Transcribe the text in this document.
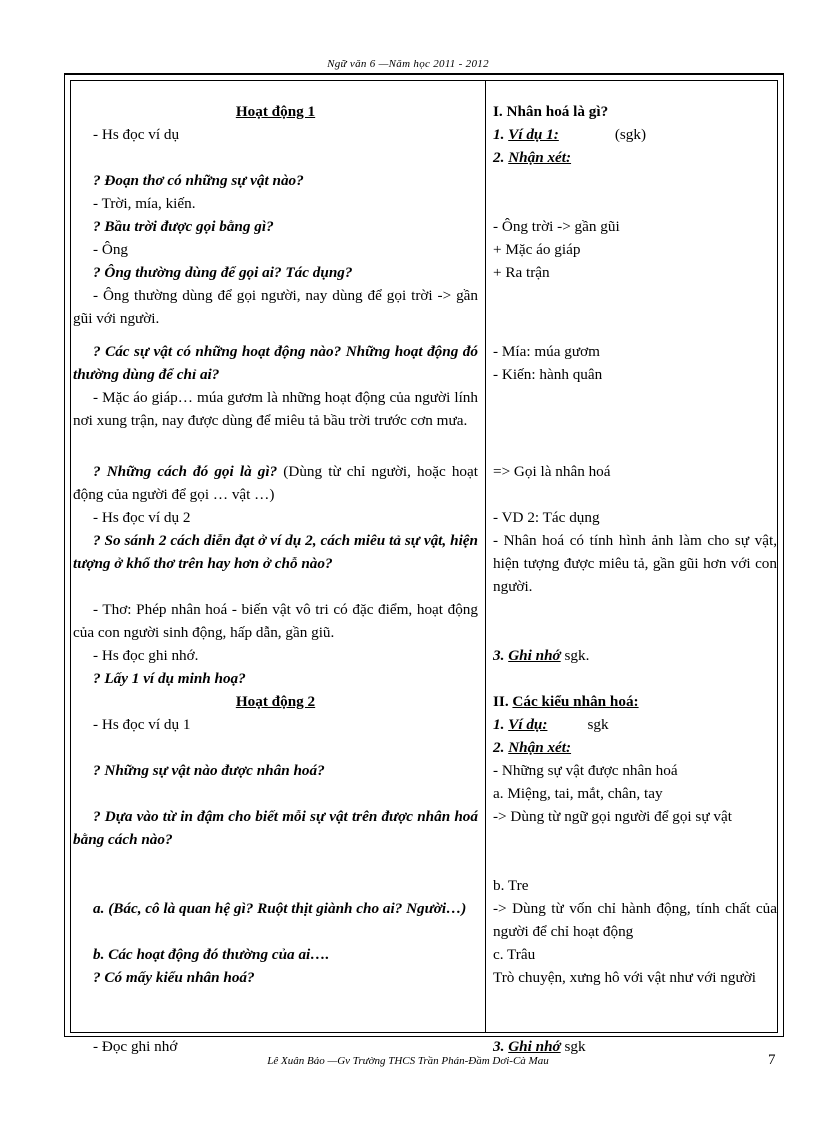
Ngữ văn 6 —Năm học 2011 - 2012
Hoạt động 1
- Hs đọc ví dụ
? Đoạn thơ có những sự vật nào?
- Trời, mía, kiến.
? Bầu trời được gọi bằng gì?
- Ông
? Ông thường dùng để gọi ai? Tác dụng?
- Ông thường dùng để gọi người, nay dùng để gọi trời -> gần gũi với người.
? Các sự vật có những hoạt động nào? Những hoạt động đó thường dùng để chỉ ai?
- Mặc áo giáp… múa gươm là những hoạt động của người lính nơi xung trận, nay được dùng để miêu tả bầu trời trước cơn mưa.
? Những cách đó gọi là gì? (Dùng từ chỉ người, hoặc hoạt động của người để gọi … vật …)
- Hs đọc ví dụ 2
? So sánh 2 cách diễn đạt ở ví dụ 2, cách miêu tả sự vật, hiện tượng ở khổ thơ trên hay hơn ở chỗ nào?
- Thơ: Phép nhân hoá - biến vật vô tri có đặc điểm, hoạt động của con người sinh động, hấp dẫn, gần giũ.
- Hs đọc ghi nhớ.
? Lấy 1 ví dụ minh hoạ?
Hoạt động 2
- Hs đọc ví dụ 1
? Những sự vật nào được nhân hoá?
? Dựa vào từ in đậm cho biết mỗi sự vật trên được nhân hoá bằng cách nào?
a. (Bác, cô là quan hệ gì? Ruột thịt giành cho ai? Người…)
b. Các hoạt động đó thường của ai….
? Có mấy kiểu nhân hoá?
- Đọc ghi nhớ
I. Nhân hoá là gì?
1. Ví dụ 1:	(sgk)
2. Nhận xét:
- Ông trời -> gần gũi
+ Mặc áo giáp
+ Ra trận
- Mía: múa gươm
- Kiến: hành quân
=> Gọi là nhân hoá
- VD 2: Tác dụng
- Nhân hoá có tính hình ảnh làm cho sự vật, hiện tượng được miêu tả, gần gũi hơn với con người.
3. Ghi nhớ sgk.
II. Các kiểu nhân hoá:
1. Ví dụ:	sgk
2. Nhận xét:
- Những sự vật được nhân hoá
a. Miệng, tai, mắt, chân, tay
-> Dùng từ ngữ gọi người để gọi sự vật
b. Tre
-> Dùng từ vốn chỉ hành động, tính chất của người để chỉ hoạt động
c. Trâu
Trò chuyện, xưng hô với vật như với người
3. Ghi nhớ sgk
Lê Xuân Bảo —Gv Trường THCS Trần Phán-Đầm Dơi-Cà Mau	7
